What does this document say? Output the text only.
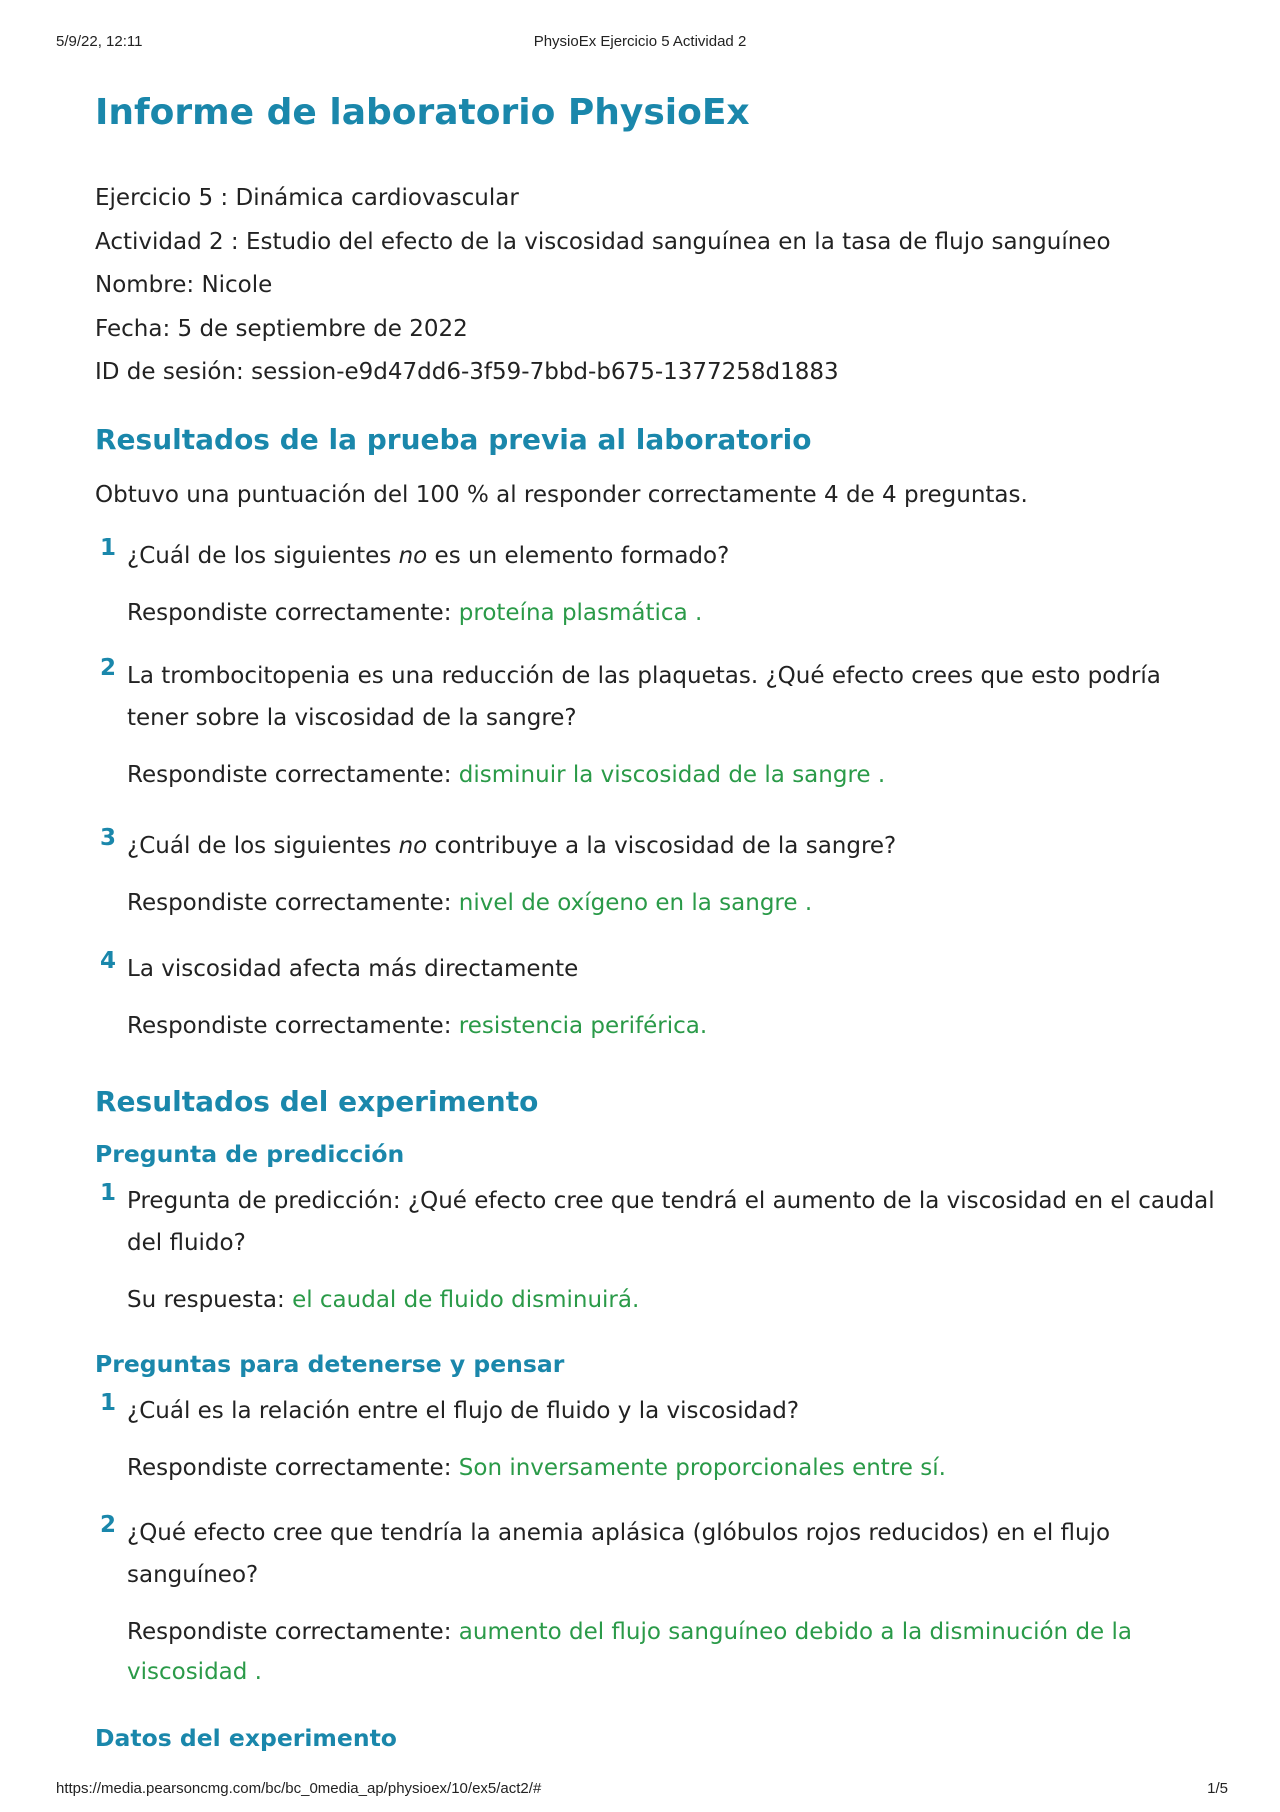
5/9/22, 12:11	PhysioEx Ejercicio 5 Actividad 2
Informe de laboratorio PhysioEx
Ejercicio 5 : Dinámica cardiovascular
Actividad 2 : Estudio del efecto de la viscosidad sanguínea en la tasa de flujo sanguíneo
Nombre: Nicole
Fecha: 5 de septiembre de 2022
ID de sesión: session-e9d47dd6-3f59-7bbd-b675-1377258d1883
Resultados de la prueba previa al laboratorio

Obtuvo una puntuación del 100 % al responder correctamente 4 de 4 preguntas.

1 ¿Cuál de los siguientes no es un elemento formado?
Respondiste correctamente: proteína plasmática .
2 La trombocitopenia es una reducción de las plaquetas. ¿Qué efecto crees que esto podría tener sobre la viscosidad de la sangre?
Respondiste correctamente: disminuir la viscosidad de la sangre .
3 ¿Cuál de los siguientes no contribuye a la viscosidad de la sangre?
Respondiste correctamente: nivel de oxígeno en la sangre .
4 La viscosidad afecta más directamente
Respondiste correctamente: resistencia periférica.
Resultados del experimento
Pregunta de predicción
1 Pregunta de predicción: ¿Qué efecto cree que tendrá el aumento de la viscosidad en el caudal del fluido?
Su respuesta: el caudal de fluido disminuirá.
Preguntas para detenerse y pensar
1 ¿Cuál es la relación entre el flujo de fluido y la viscosidad?
Respondiste correctamente: Son inversamente proporcionales entre sí.
2 ¿Qué efecto cree que tendría la anemia aplásica (glóbulos rojos reducidos) en el flujo sanguíneo?
Respondiste correctamente: aumento del flujo sanguíneo debido a la disminución de la viscosidad .
Datos del experimento
https://media.pearsoncmg.com/bc/bc_0media_ap/physioex/10/ex5/act2/#	1/5
